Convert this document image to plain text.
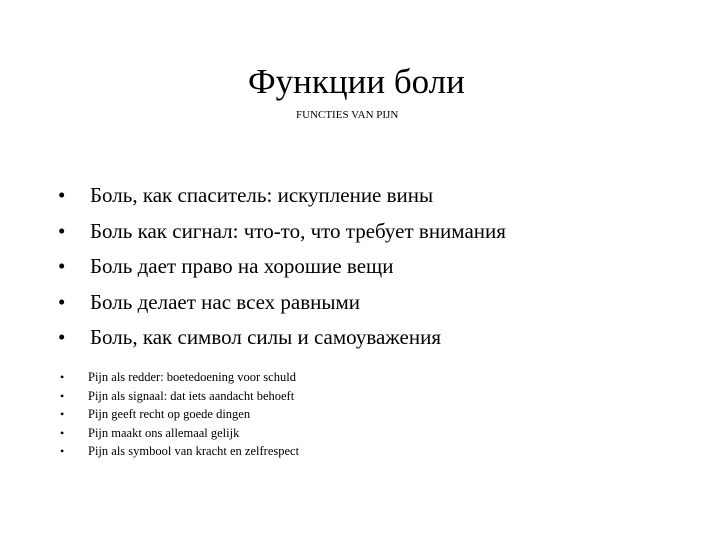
Функции боли
FUNCTIES VAN PIJN
• Боль, как спаситель: искупление вины
• Боль как сигнал: что-то, что требует внимания
• Боль дает право на хорошие вещи
• Боль делает нас всех равными
• Боль, как символ силы и самоуважения
• Pijn als redder: boetedoening voor schuld
• Pijn als signaal: dat iets aandacht behoeft
• Pijn geeft recht op goede dingen
• Pijn maakt ons allemaal gelijk
• Pijn als symbool van kracht en zelfrespect
